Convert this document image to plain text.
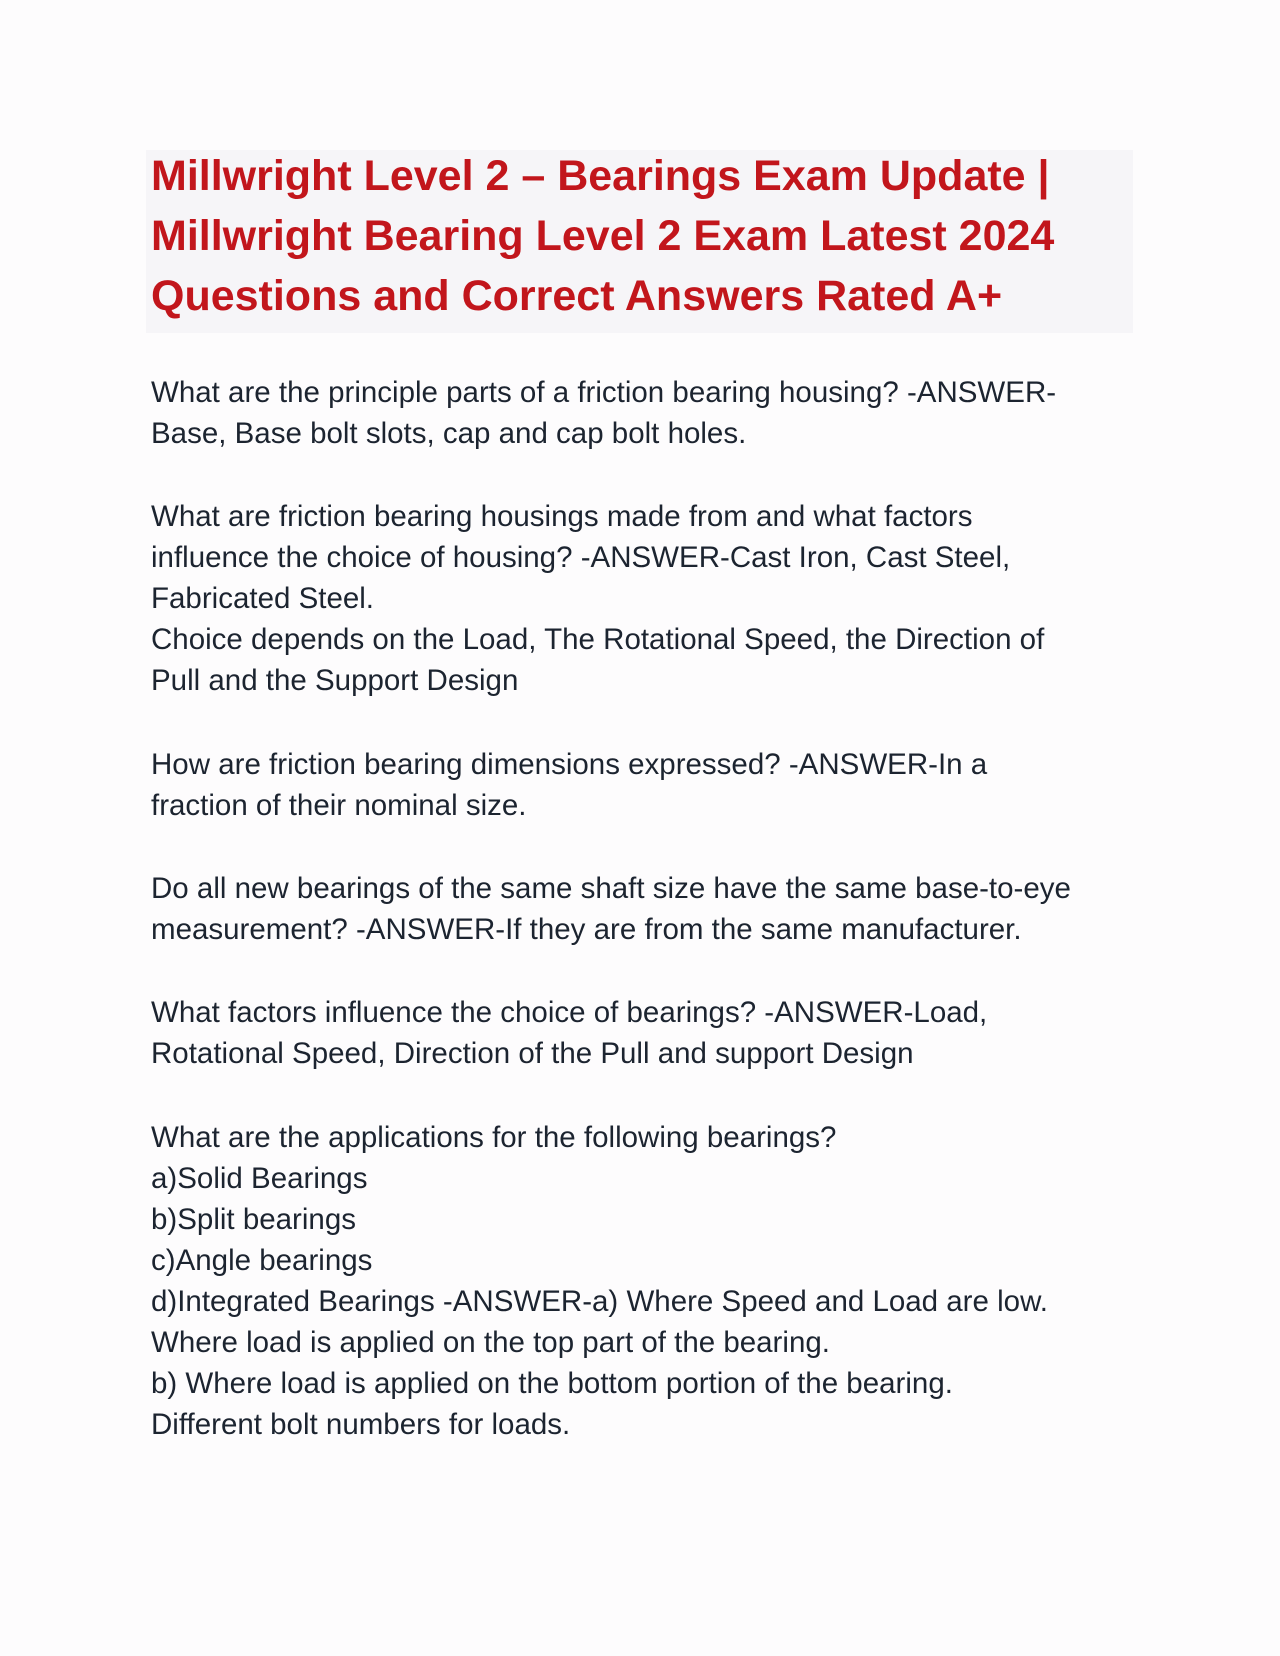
Millwright Level 2 – Bearings Exam Update |
Millwright Bearing Level 2 Exam Latest 2024
Questions and Correct Answers Rated A+
What are the principle parts of a friction bearing housing? -ANSWER-
Base, Base bolt slots, cap and cap bolt holes.
What are friction bearing housings made from and what factors
influence the choice of housing? -ANSWER-Cast Iron, Cast Steel,
Fabricated Steel.
Choice depends on the Load, The Rotational Speed, the Direction of
Pull and the Support Design
How are friction bearing dimensions expressed? -ANSWER-In a
fraction of their nominal size.
Do all new bearings of the same shaft size have the same base-to-eye
measurement? -ANSWER-If they are from the same manufacturer.
What factors influence the choice of bearings? -ANSWER-Load,
Rotational Speed, Direction of the Pull and support Design
What are the applications for the following bearings?
a)Solid Bearings
b)Split bearings
c)Angle bearings
d)Integrated Bearings -ANSWER-a) Where Speed and Load are low.
Where load is applied on the top part of the bearing.
b) Where load is applied on the bottom portion of the bearing.
Different bolt numbers for loads.
